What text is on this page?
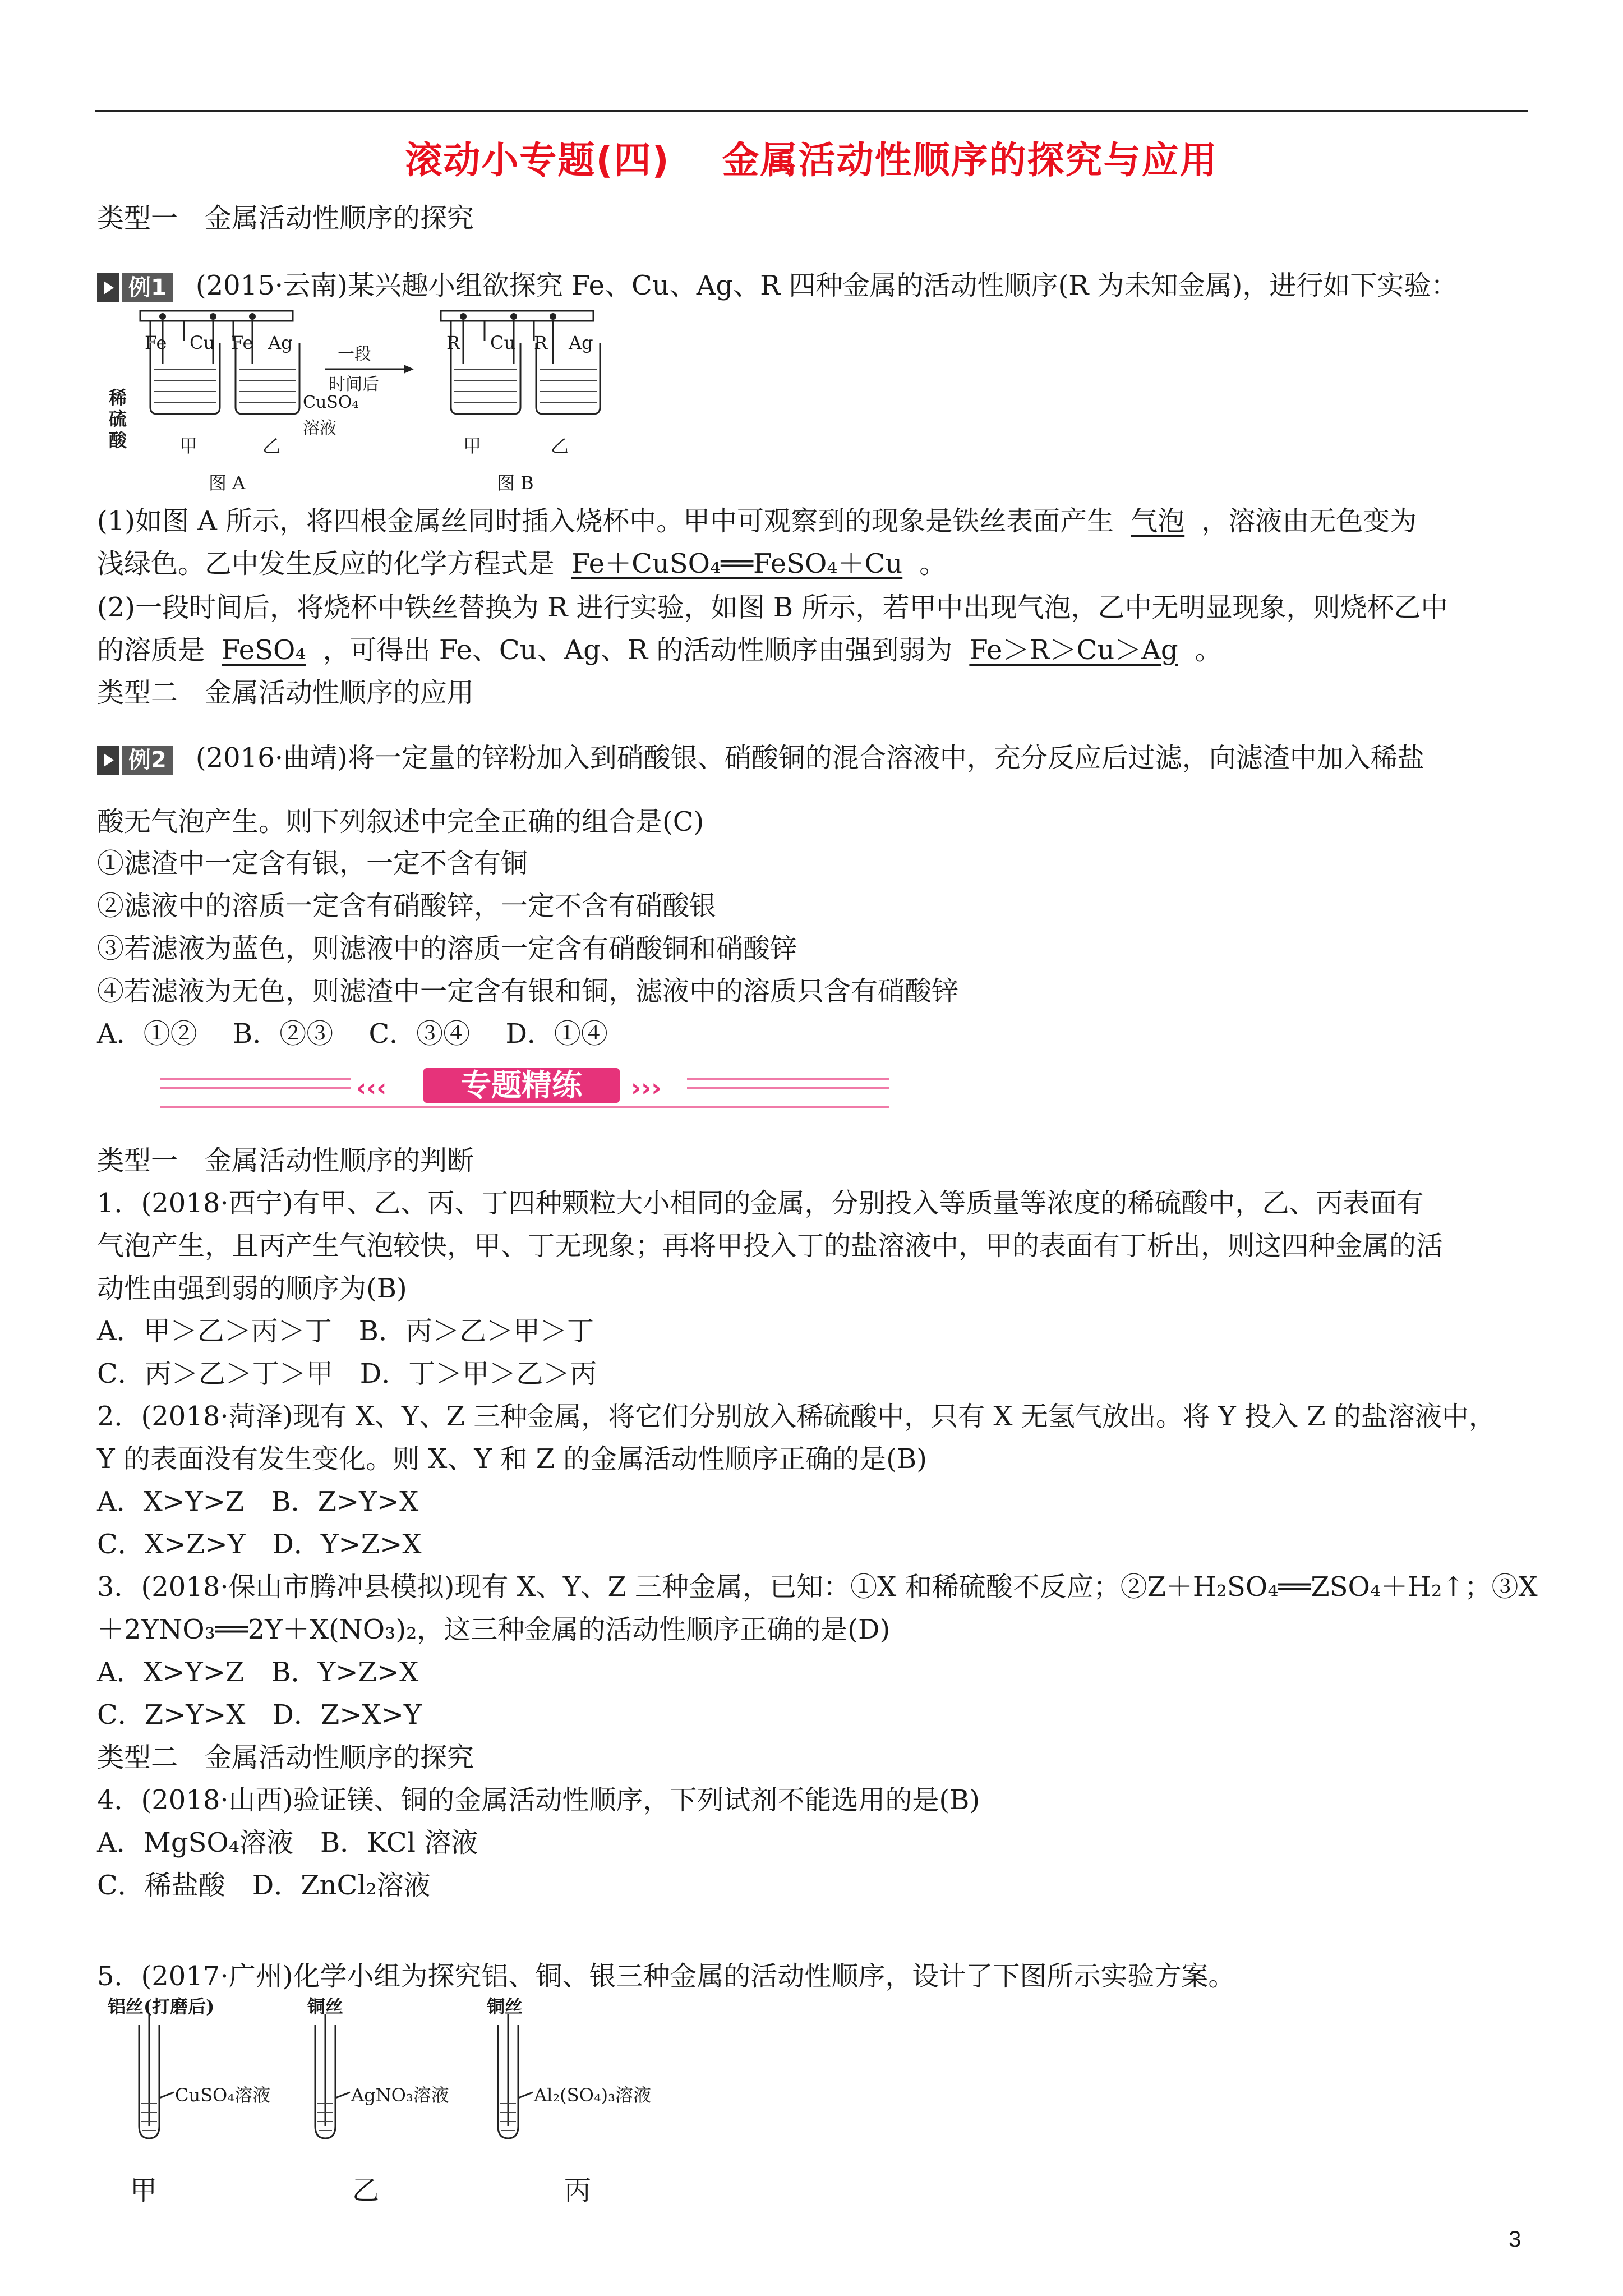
滚动小专题(四)　 金属活动性顺序的探究与应用
类型一　金属活动性顺序的探究
例1 (2015·云南)某兴趣小组欲探究 Fe、Cu、Ag、R 四种金属的活动性顺序(R 为未知金属)，进行如下实验：
Fe Cu Fe Ag
稀硫酸
CuSO₄
溶液
甲	乙
图 A
一段
时间后
R Cu R Ag
甲	乙
图 B
(1)如图 A 所示，将四根金属丝同时插入烧杯中。甲中可观察到的现象是铁丝表面产生 气泡 ，溶液由无色变为
浅绿色。乙中发生反应的化学方程式是 Fe＋CuSO₄══FeSO₄＋Cu 。
(2)一段时间后，将烧杯中铁丝替换为 R 进行实验，如图 B 所示，若甲中出现气泡，乙中无明显现象，则烧杯乙中
的溶质是 FeSO₄ ，可得出 Fe、Cu、Ag、R 的活动性顺序由强到弱为 Fe＞R＞Cu＞Ag 。
类型二　金属活动性顺序的应用
例2 (2016·曲靖)将一定量的锌粉加入到硝酸银、硝酸铜的混合溶液中，充分反应后过滤，向滤渣中加入稀盐
酸无气泡产生。则下列叙述中完全正确的组合是(C)
①滤渣中一定含有银，一定不含有铜
②滤液中的溶质一定含有硝酸锌，一定不含有硝酸银
③若滤液为蓝色，则滤液中的溶质一定含有硝酸铜和硝酸锌
④若滤液为无色，则滤渣中一定含有银和铜，滤液中的溶质只含有硝酸锌
A．①②　 B．②③　 C．③④　 D．①④
‹‹‹	专题精练	›››
类型一　金属活动性顺序的判断
1．(2018·西宁)有甲、乙、丙、丁四种颗粒大小相同的金属，分别投入等质量等浓度的稀硫酸中，乙、丙表面有
气泡产生，且丙产生气泡较快，甲、丁无现象；再将甲投入丁的盐溶液中，甲的表面有丁析出，则这四种金属的活
动性由强到弱的顺序为(B)
A．甲＞乙＞丙＞丁　B．丙＞乙＞甲＞丁
C．丙＞乙＞丁＞甲　D．丁＞甲＞乙＞丙
2．(2018·菏泽)现有 X、Y、Z 三种金属，将它们分别放入稀硫酸中，只有 X 无氢气放出。将 Y 投入 Z 的盐溶液中，
Y 的表面没有发生变化。则 X、Y 和 Z 的金属活动性顺序正确的是(B)
A．X>Y>Z　B．Z>Y>X
C．X>Z>Y　D．Y>Z>X
3．(2018·保山市腾冲县模拟)现有 X、Y、Z 三种金属，已知：①X 和稀硫酸不反应；②Z＋H₂SO₄══ZSO₄＋H₂↑；③X
＋2YNO₃══2Y＋X(NO₃)₂，这三种金属的活动性顺序正确的是(D)
A．X>Y>Z　B．Y>Z>X
C．Z>Y>X　D．Z>X>Y
类型二　金属活动性顺序的探究
4．(2018·山西)验证镁、铜的金属活动性顺序，下列试剂不能选用的是(B)
A．MgSO₄溶液　B．KCl 溶液
C．稀盐酸　D．ZnCl₂溶液
5．(2017·广州)化学小组为探究铝、铜、银三种金属的活动性顺序，设计了下图所示实验方案。
铝丝(打磨后)	铜丝	铜丝
CuSO₄溶液	AgNO₃溶液	Al₂(SO₄)₃溶液
甲	乙	丙
3
